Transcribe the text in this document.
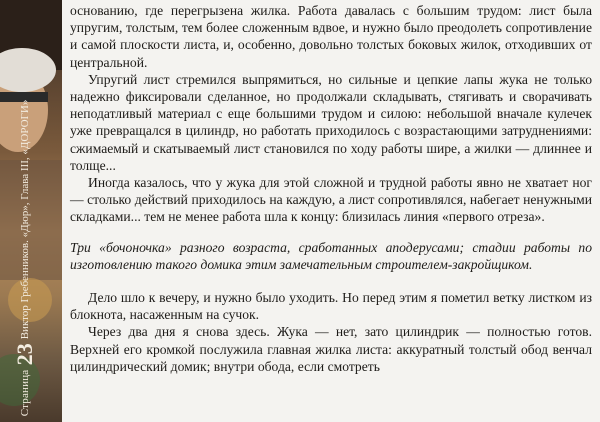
Страница
23
Виктор Гребенников. «Дюр», Глава III, «ДОРОГИ»

основанию, где перегрызена жилка. Работа давалась с большим трудом: лист была упругим, толстым, тем более сложенным вдвое, и нужно было преодолеть сопротивление и самой плоскости листа, и, особенно, довольно толстых боковых жилок, отходивших от центральной.

Упругий лист стремился выпрямиться, но сильные и цепкие лапы жука не только надежно фиксировали сделанное, но продолжали складывать, стягивать и сворачивать неподатливый материал с еще большими трудом и силою: небольшой вначале кулечек уже превращался в цилиндр, но работать приходилось с возрастающими затруднениями: сжимаемый и скатываемый лист становился по ходу работы шире, а жилки — длиннее и толще...

Иногда казалось, что у жука для этой сложной и трудной работы явно не хватает ног — столько действий приходилось на каждую, а лист сопротивлялся, набегает ненужными складками... тем не менее работа шла к концу: близилась линия «первого отреза».

Три «бочоночка» разного возраста, сработанных аподерусами; стадии работы по изготовлению такого домика этим замечательным строителем-закройщиком.

Дело шло к вечеру, и нужно было уходить. Но перед этим я пометил ветку листком из блокнота, насаженным на сучок.

Через два дня я снова здесь. Жука — нет, зато цилиндрик — полностью готов. Верхней его кромкой послужила главная жилка листа: аккуратный толстый обод венчал цилиндрический домик; внутри обода, если смотреть
